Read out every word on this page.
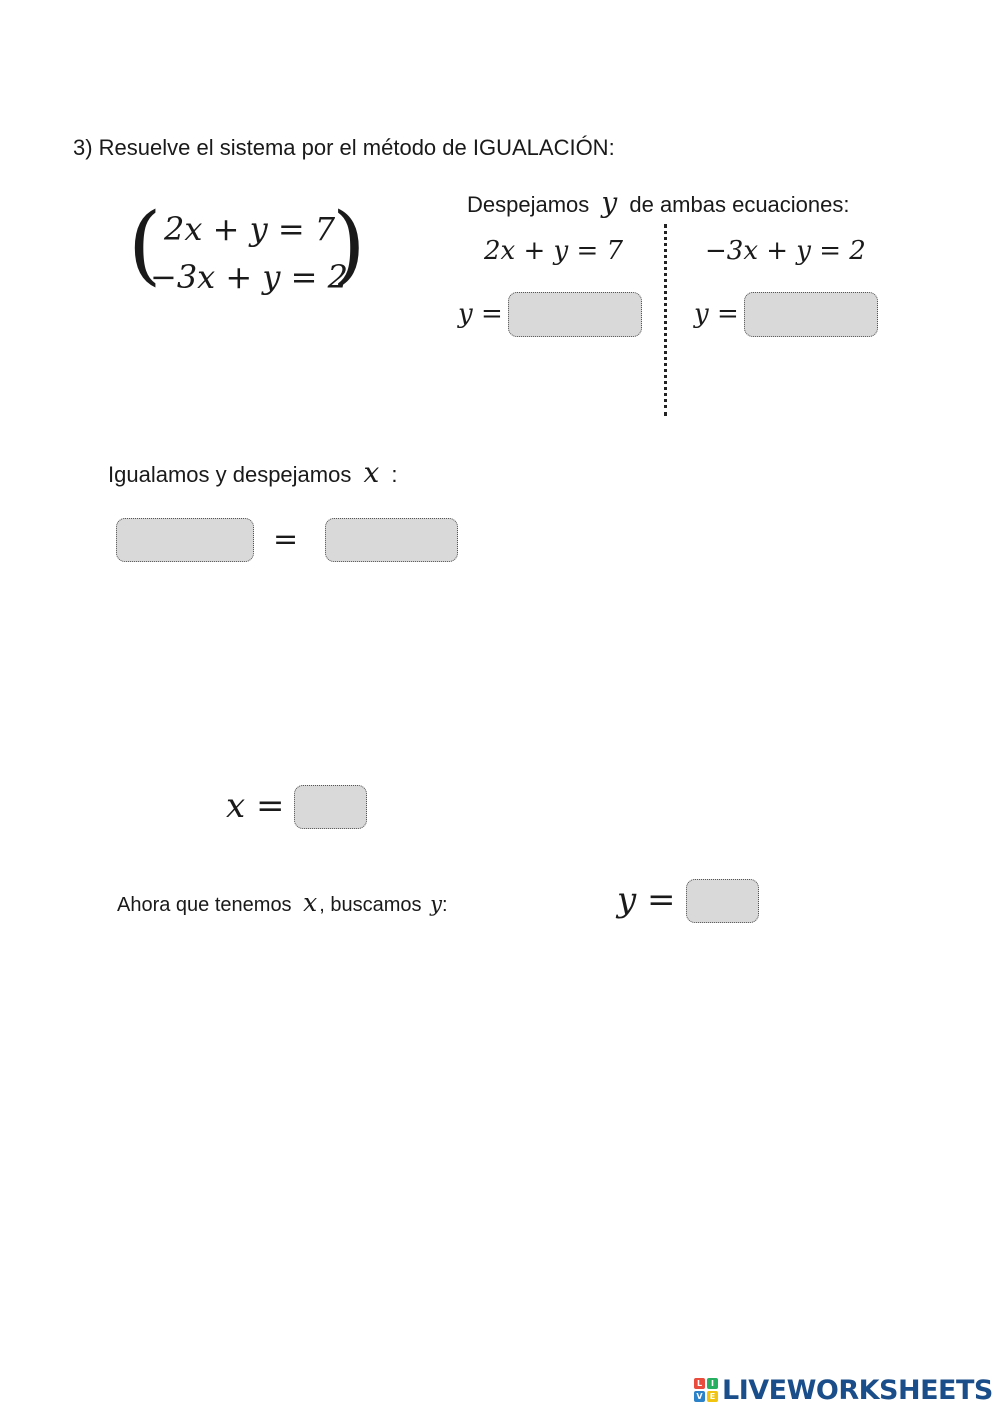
3) Resuelve el sistema por el método de IGUALACIÓN:
( 2x + y = 7
−3x + y = 2
)	Despejamos y de ambas ecuaciones:
2x + y = 7	−3x + y = 2
y =	y =
Igualamos y despejamos x :
=
x =
Ahora que tenemos x , buscamos y:	y =
L	I
V E LIVEWORKSHEETS
